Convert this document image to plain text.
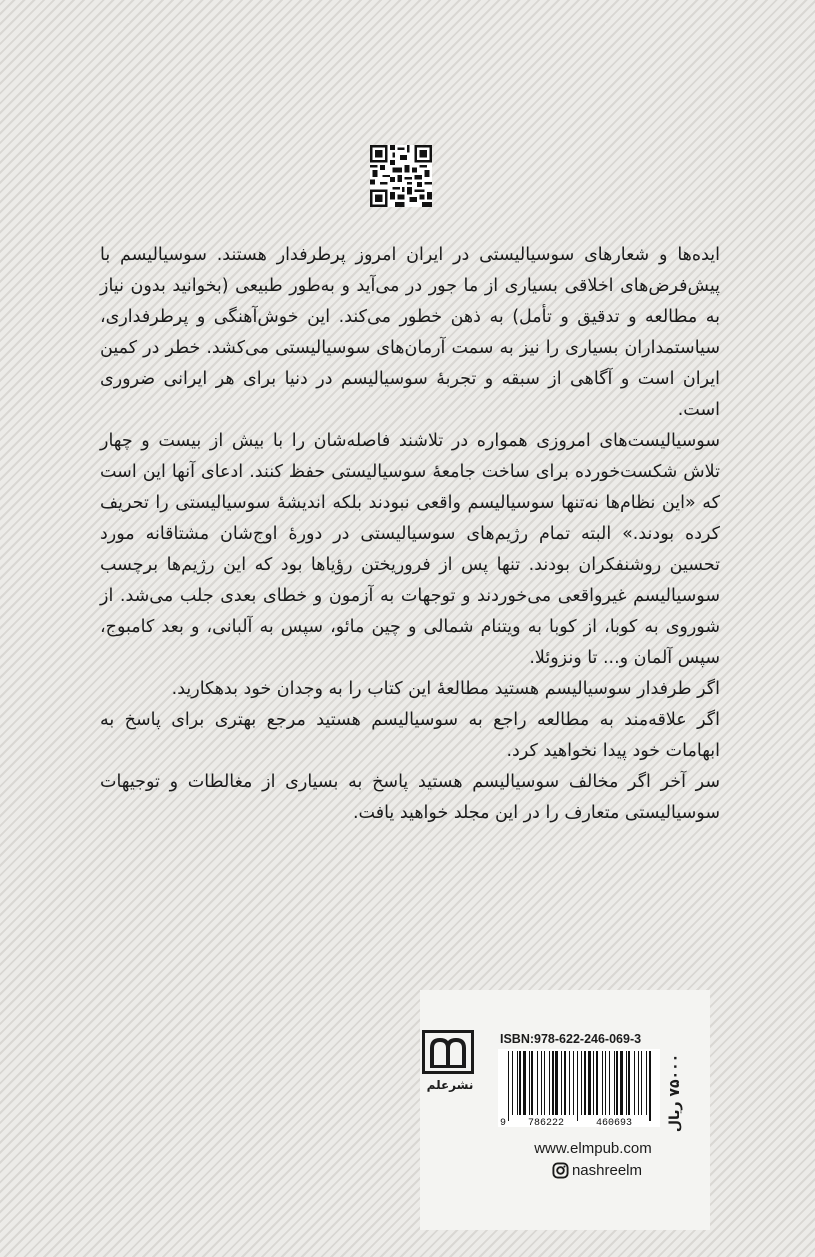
ایده‌ها و شعارهای سوسیالیستی در ایران امروز پرطرفدار هستند. سوسیالیسم با پیش‌فرض‌های اخلاقی بسیاری از ما جور در می‌آید و به‌طور طبیعی (بخوانید بدون نیاز به مطالعه و تدقیق و تأمل) به ذهن خطور می‌کند. این خوش‌آهنگی و پرطرفداری، سیاستمداران بسیاری را نیز به سمت آرمان‌های سوسیالیستی می‌کشد. خطر در کمین ایران است و آگاهی از سبقه و تجربهٔ سوسیالیسم در دنیا برای هر ایرانی ضروری است.

سوسیالیست‌های امروزی همواره در تلاشند فاصله‌شان را با بیش از بیست و چهار تلاش شکست‌خورده برای ساخت جامعهٔ سوسیالیستی حفظ کنند. ادعای آنها این است که «این نظام‌ها نه‌تنها سوسیالیسم واقعی نبودند بلکه اندیشهٔ سوسیالیستی را تحریف کرده بودند.» البته تمام رژیم‌های سوسیالیستی در دورهٔ اوج‌شان مشتاقانه مورد تحسین روشنفکران بودند. تنها پس از فروریختن رؤیاها بود که این رژیم‌ها برچسب سوسیالیسم غیرواقعی می‌خوردند و توجهات به آزمون و خطای بعدی جلب می‌شد. از شوروی به کوبا، از کوبا به ویتنام شمالی و چین مائو، سپس به آلبانی، و بعد کامبوج، سپس آلمان و... تا ونزوئلا.

اگر طرفدار سوسیالیسم هستید مطالعهٔ این کتاب را به وجدان خود بدهکارید.

اگر علاقه‌مند به مطالعه راجع به سوسیالیسم هستید مرجع بهتری برای پاسخ به ابهامات خود پیدا نخواهید کرد.

سر آخر اگر مخالف سوسیالیسم هستید پاسخ به بسیاری از مغالطات و توجیهات سوسیالیستی متعارف را در این مجلد خواهید یافت.

نشرعلم
ISBN:978-622-246-069-3
9 786222	460693 ۷۵۰۰۰ ریال
www.elmpub.com
nashreelm
